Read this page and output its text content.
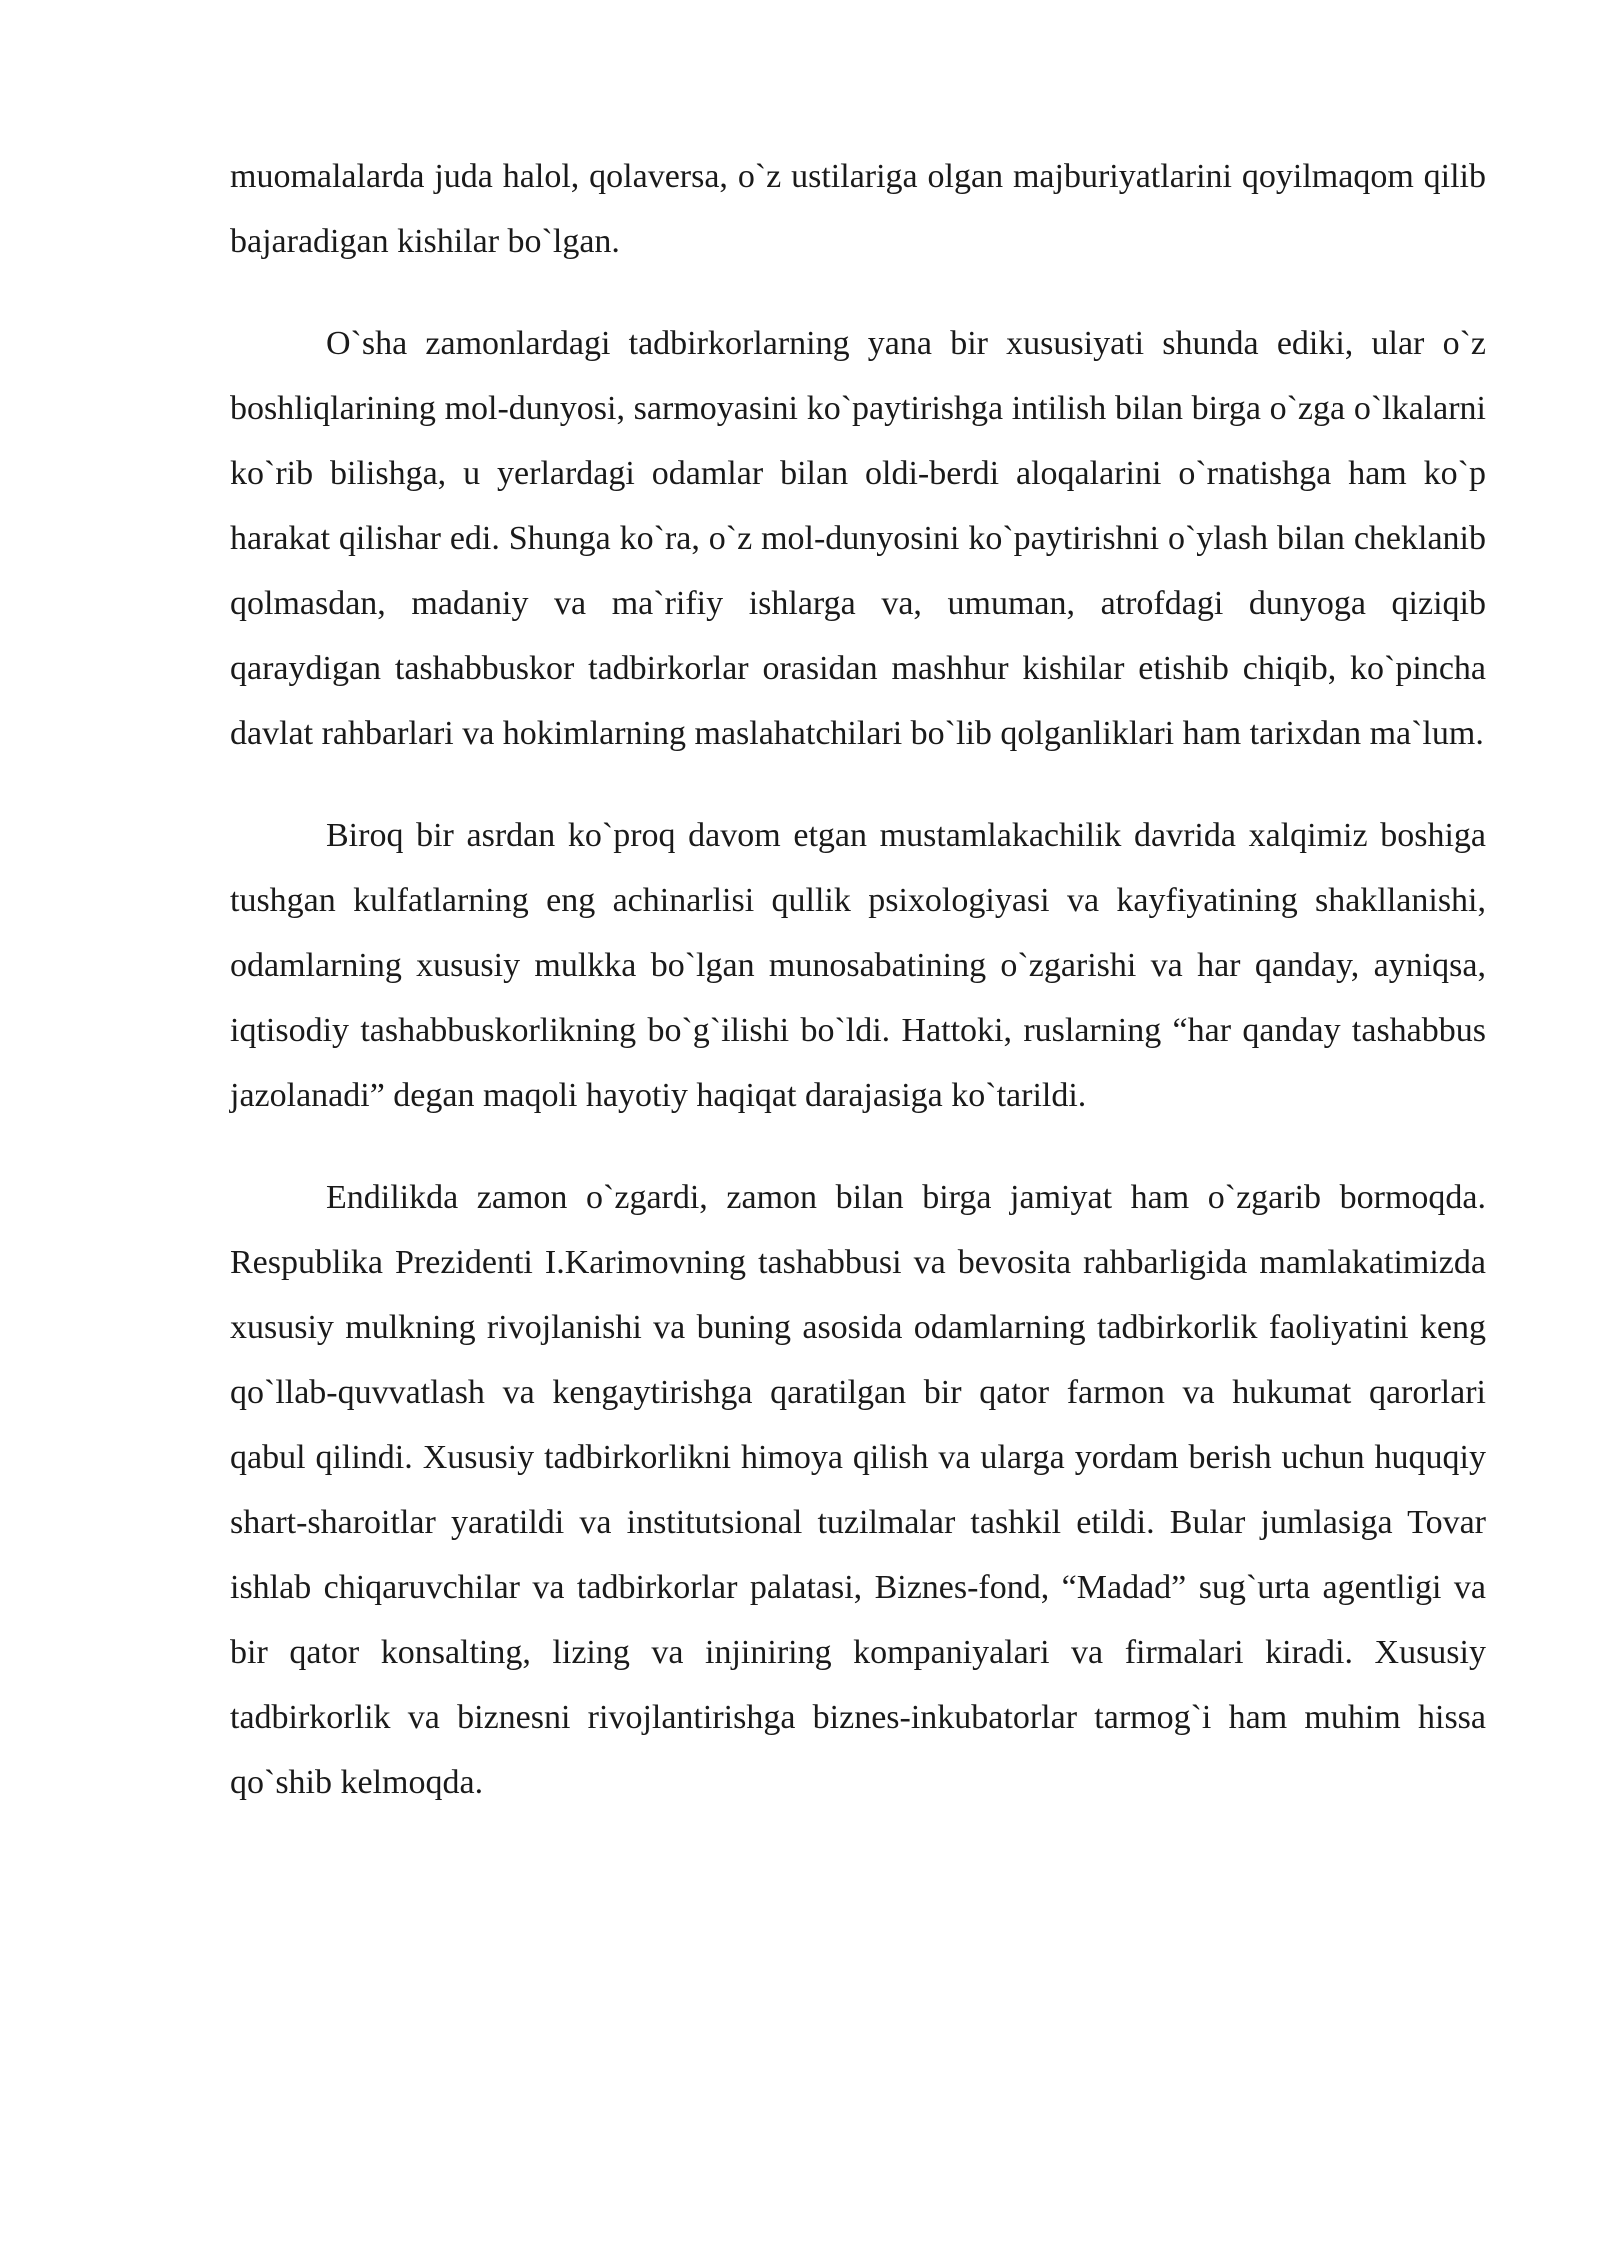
muomalalarda juda halol, qolaversa, o`z ustilariga olgan majburiyatlarini qoyilmaqom qilib bajaradigan kishilar bo`lgan.

O`sha zamonlardagi tadbirkorlarning yana bir xususiyati shunda ediki, ular o`z boshliqlarining mol-dunyosi, sarmoyasini ko`paytirishga intilish bilan birga o`zga o`lkalarni ko`rib bilishga, u yerlardagi odamlar bilan oldi-berdi aloqalarini o`rnatishga ham ko`p harakat qilishar edi. Shunga ko`ra, o`z mol-dunyosini ko`paytirishni o`ylash bilan cheklanib qolmasdan, madaniy va ma`rifiy ishlarga va, umuman, atrofdagi dunyoga qiziqib qaraydigan tashabbuskor tadbirkorlar orasidan mashhur kishilar etishib chiqib, ko`pincha davlat rahbarlari va hokimlarning maslahatchilari bo`lib qolganliklari ham tarixdan ma`lum.

Biroq bir asrdan ko`proq davom etgan mustamlakachilik davrida xalqimiz boshiga tushgan kulfatlarning eng achinarlisi qullik psixologiyasi va kayfiyatining shakllanishi, odamlarning xususiy mulkka bo`lgan munosabatining o`zgarishi va har qanday, ayniqsa, iqtisodiy tashabbuskorlikning bo`g`ilishi bo`ldi. Hattoki, ruslarning “har qanday tashabbus jazolanadi” degan maqoli hayotiy haqiqat darajasiga ko`tarildi.

Endilikda zamon o`zgardi, zamon bilan birga jamiyat ham o`zgarib bormoqda. Respublika Prezidenti I.Karimovning tashabbusi va bevosita rahbarligida mamlakatimizda xususiy mulkning rivojlanishi va buning asosida odamlarning tadbirkorlik faoliyatini keng qo`llab-quvvatlash va kengaytirishga qaratilgan bir qator farmon va hukumat qarorlari qabul qilindi. Xususiy tadbirkorlikni himoya qilish va ularga yordam berish uchun huquqiy shart-sharoitlar yaratildi va institutsional tuzilmalar tashkil etildi. Bular jumlasiga Tovar ishlab chiqaruvchilar va tadbirkorlar palatasi, Biznes-fond, “Madad” sug`urta agentligi va bir qator konsalting, lizing va injiniring kompaniyalari va firmalari kiradi. Xususiy tadbirkorlik va biznesni rivojlantirishga biznes-inkubatorlar tarmog`i ham muhim hissa qo`shib kelmoqda.
